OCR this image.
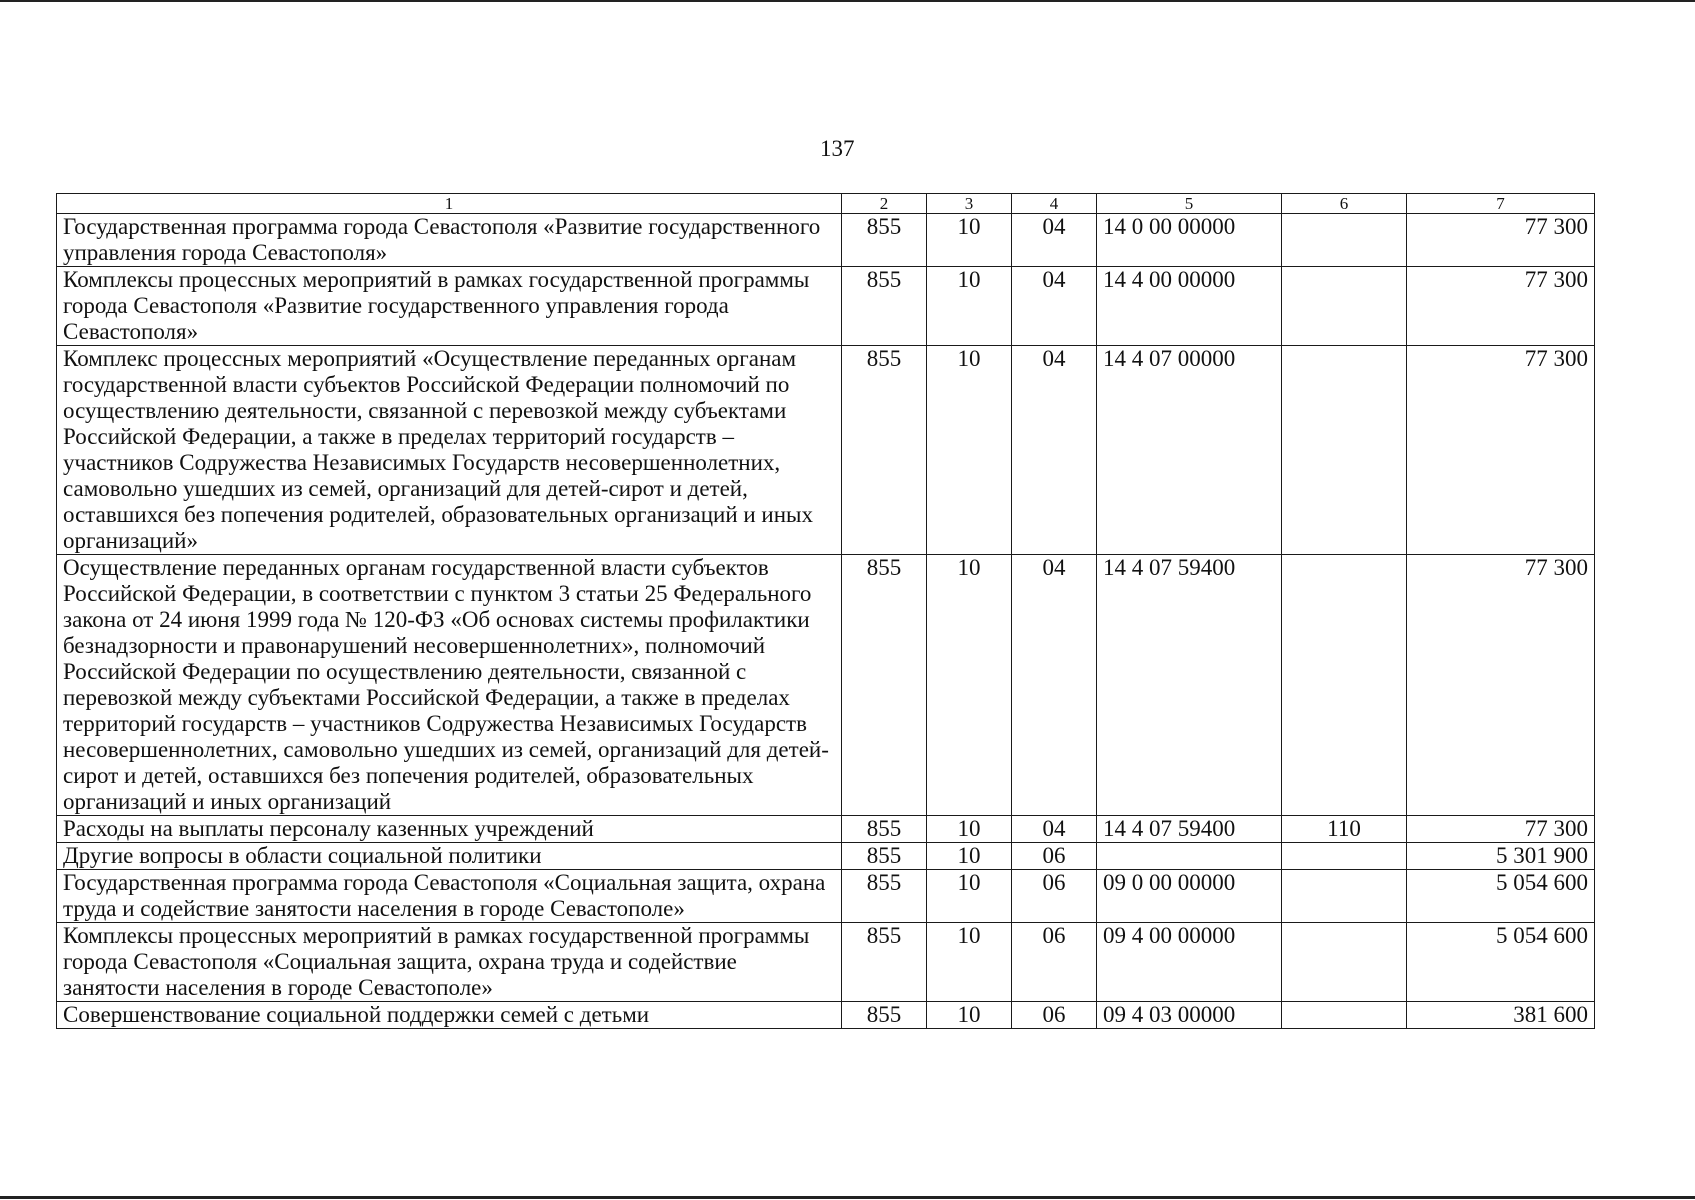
137
1	2	3	4	5	6	7
Государственная программа города Севастополя «Развитие государственного управления города Севастополя»	855	10	04	14 0 00 00000		77 300
Комплексы процессных мероприятий в рамках государственной программы города Севастополя «Развитие государственного управления города Севастополя»	855	10	04	14 4 00 00000		77 300
Комплекс процессных мероприятий «Осуществление переданных органам государственной власти субъектов Российской Федерации полномочий по осуществлению деятельности, связанной с перевозкой между субъектами Российской Федерации, а также в пределах территорий государств – участников Содружества Независимых Государств несовершеннолетних, самовольно ушедших из семей, организаций для детей-сирот и детей, оставшихся без попечения родителей, образовательных организаций и иных организаций»	855	10	04	14 4 07 00000		77 300
Осуществление переданных органам государственной власти субъектов Российской Федерации, в соответствии с пунктом 3 статьи 25 Федерального закона от 24 июня 1999 года № 120-ФЗ «Об основах системы профилактики безнадзорности и правонарушений несовершеннолетних», полномочий Российской Федерации по осуществлению деятельности, связанной с перевозкой между субъектами Российской Федерации, а также в пределах территорий государств – участников Содружества Независимых Государств несовершеннолетних, самовольно ушедших из семей, организаций для детей-сирот и детей, оставшихся без попечения родителей, образовательных организаций и иных организаций	855	10	04	14 4 07 59400		77 300
Расходы на выплаты персоналу казенных учреждений	855	10	04	14 4 07 59400	110	77 300
Другие вопросы в области социальной политики	855	10	06			5 301 900
Государственная программа города Севастополя «Социальная защита, охрана труда и содействие занятости населения в городе Севастополе»	855	10	06	09 0 00 00000		5 054 600
Комплексы процессных мероприятий в рамках государственной программы города Севастополя «Социальная защита, охрана труда и содействие занятости населения в городе Севастополе»	855	10	06	09 4 00 00000		5 054 600
Совершенствование социальной поддержки семей с детьми	855	10	06	09 4 03 00000		381 600
